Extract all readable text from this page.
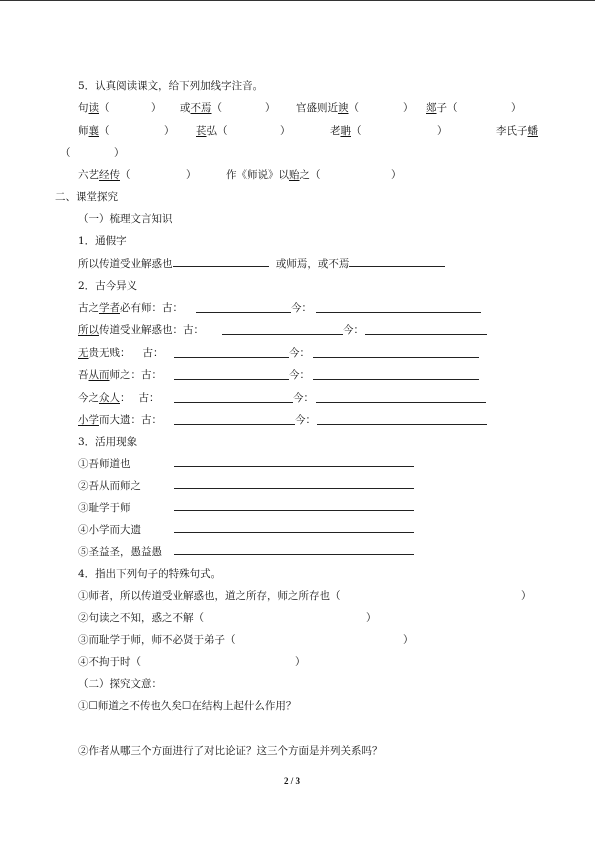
5．认真阅读课文，给下列加线字注音。
句读（	） 或不焉（	） 官盛则近谀（	） 郯子（	）
师襄（	） 苌弘（	）	老聃（	）	李氏子蟠
（	）
六艺经传（	）	作《师说》以贻之（	）
二、课堂探究
（一）梳理文言知识
1．通假字
所以传道受业解惑也	或师焉，或不焉
2．古今异义
古之学者必有师：古：	今：
所以传道受业解惑也：古：	今：
无贵无贱： 古：	今：
吾从而师之：古：	今：
今之众人： 古：	今：
小学而大遗：古：	今：
3．活用现象
①吾师道也
②吾从而师之
③耻学于师
④小学而大遗
⑤圣益圣，愚益愚
4．指出下列句子的特殊句式。
①师者，所以传道受业解惑也，道之所存，师之所存也（	）
②句读之不知，惑之不解（	）
③而耻学于师，师不必贤于弟子（	）
④不拘于时（	）
（二）探究文意：
①☐师道之不传也久矣☐在结构上起什么作用？
②作者从哪三个方面进行了对比论证？这三个方面是并列关系吗？
2 / 3
